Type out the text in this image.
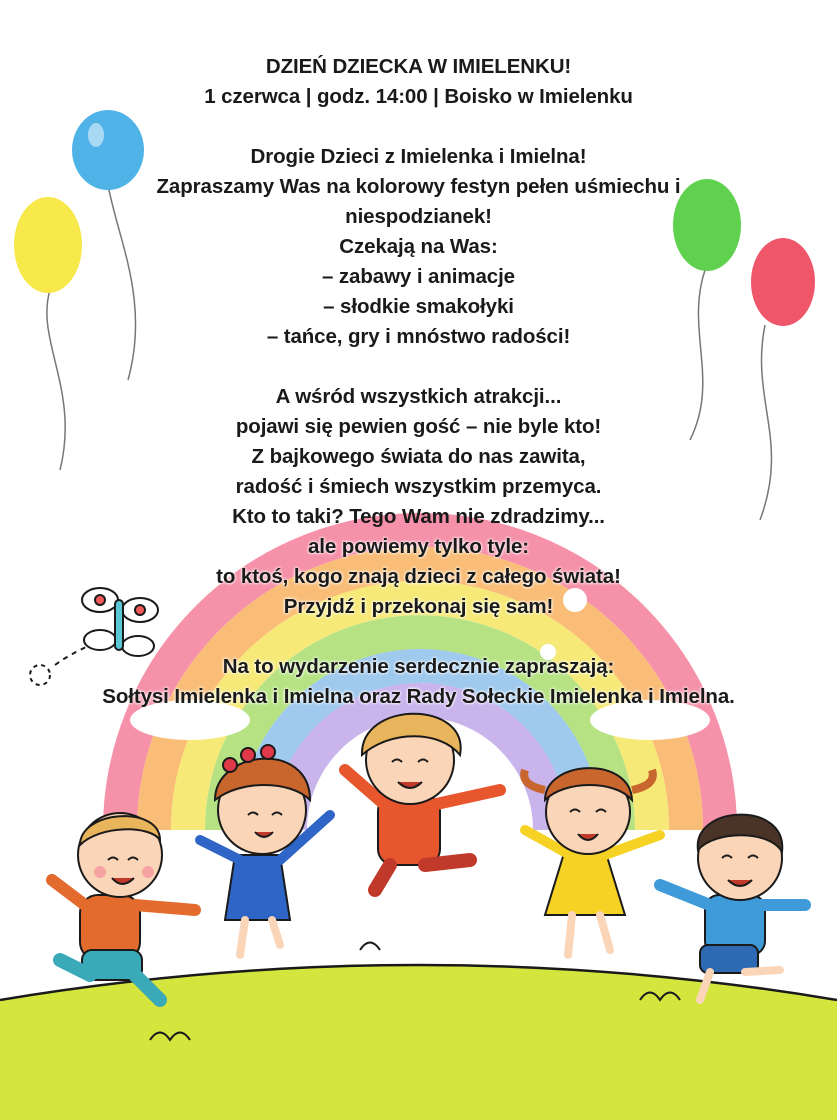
DZIEŃ DZIECKA W IMIELENKU!
1 czerwca | godz. 14:00 | Boisko w Imielenku
Drogie Dzieci z Imielenka i Imielna!
Zapraszamy Was na kolorowy festyn pełen uśmiechu i
niespodzianek!
Czekają na Was:
– zabawy i animacje
– słodkie smakołyki
– tańce, gry i mnóstwo radości!
A wśród wszystkich atrakcji...
pojawi się pewien gość – nie byle kto!
Z bajkowego świata do nas zawita,
radość i śmiech wszystkim przemyca.
Kto to taki? Tego Wam nie zdradzimy...
ale powiemy tylko tyle:
to ktoś, kogo znają dzieci z całego świata!
Przyjdź i przekonaj się sam!
Na to wydarzenie serdecznie zapraszają:
Sołtysi Imielenka i Imielna oraz Rady Sołeckie Imielenka i Imielna.
